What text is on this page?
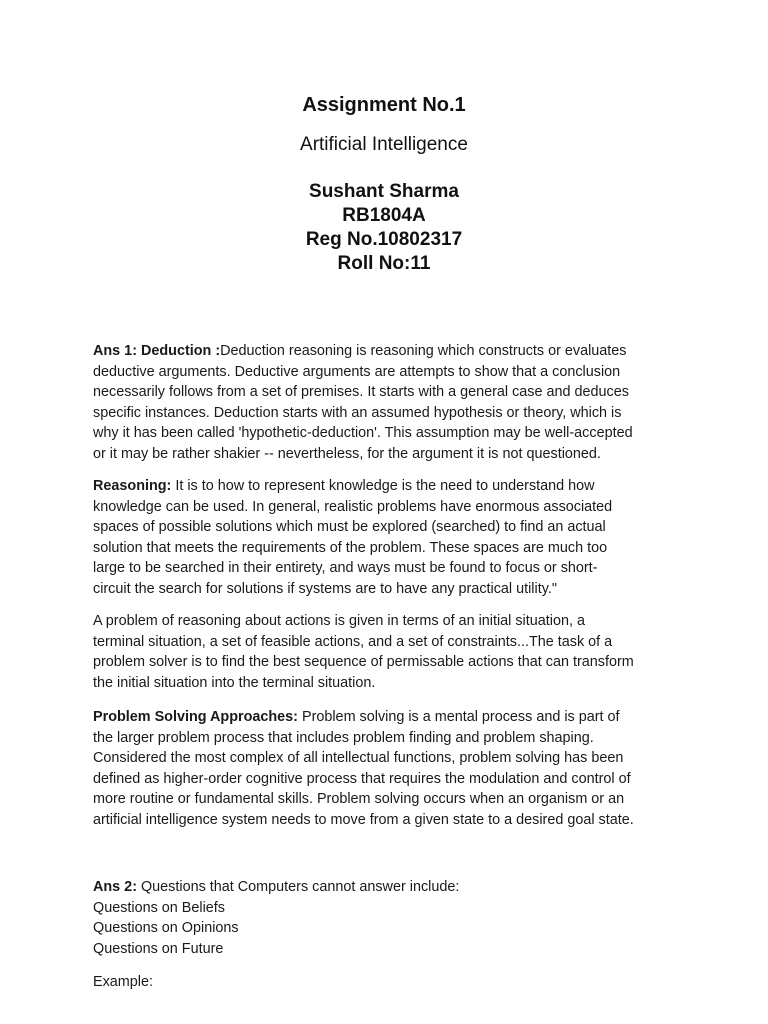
Assignment No.1
Artificial Intelligence
Sushant Sharma
RB1804A
Reg No.10802317
Roll No:11
Ans 1: Deduction :Deduction reasoning is reasoning which constructs or evaluates
deductive arguments. Deductive arguments are attempts to show that a conclusion
necessarily follows from a set of premises. It starts with a general case and deduces
specific instances. Deduction starts with an assumed hypothesis or theory, which is
why it has been called 'hypothetic-deduction'. This assumption may be well-accepted
or it may be rather shakier -- nevertheless, for the argument it is not questioned.
Reasoning: It is to how to represent knowledge is the need to understand how
knowledge can be used. In general, realistic problems have enormous associated
spaces of possible solutions which must be explored (searched) to find an actual
solution that meets the requirements of the problem. These spaces are much too
large to be searched in their entirety, and ways must be found to focus or short-
circuit the search for solutions if systems are to have any practical utility."
A problem of reasoning about actions is given in terms of an initial situation, a
terminal situation, a set of feasible actions, and a set of constraints...The task of a
problem solver is to find the best sequence of permissable actions that can transform
the initial situation into the terminal situation.
Problem Solving Approaches: Problem solving is a mental process and is part of
the larger problem process that includes problem finding and problem shaping.
Considered the most complex of all intellectual functions, problem solving has been
defined as higher-order cognitive process that requires the modulation and control of
more routine or fundamental skills. Problem solving occurs when an organism or an
artificial intelligence system needs to move from a given state to a desired goal state.
Ans 2: Questions that Computers cannot answer include:
Questions on Beliefs
Questions on Opinions
Questions on Future
Example:
